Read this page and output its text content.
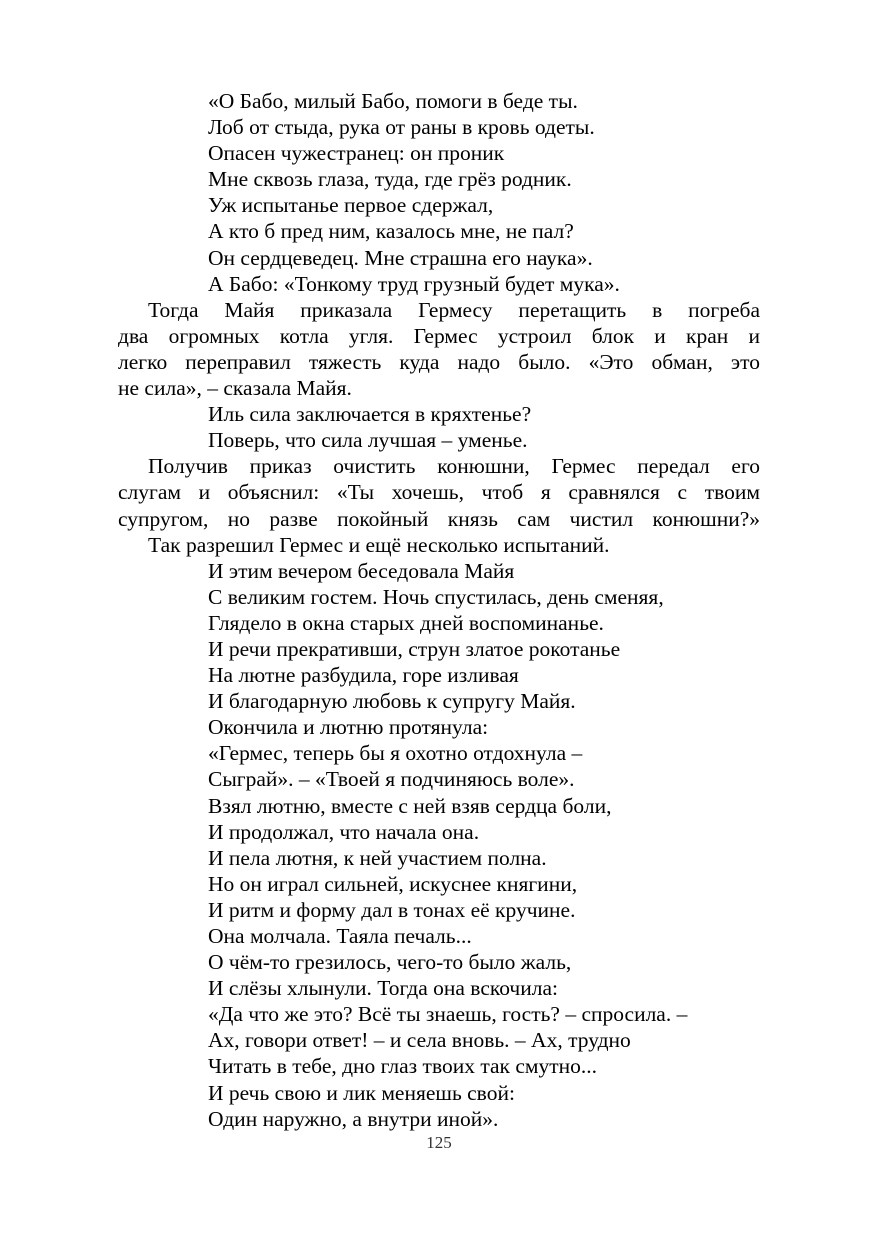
«О Бабо, милый Бабо, помоги в беде ты.
Лоб от стыда, рука от раны в кровь одеты.
Опасен чужестранец: он проник
Мне сквозь глаза, туда, где грёз родник.
Уж испытанье первое сдержал,
А кто б пред ним, казалось мне, не пал?
Он сердцеведец. Мне страшна его наука».
А Бабо: «Тонкому труд грузный будет мука».
Тогда Майя приказала Гермесу перетащить в погреба
два огромных котла угля. Гермес устроил блок и кран и
легко переправил тяжесть куда надо было. «Это обман, это
не сила», – сказала Майя.
Иль сила заключается в кряхтенье?
Поверь, что сила лучшая – уменье.
Получив приказ очистить конюшни, Гермес передал его
слугам и объяснил: «Ты хочешь, чтоб я сравнялся с твоим
супругом, но разве покойный князь сам чистил конюшни?»
Так разрешил Гермес и ещё несколько испытаний.
И этим вечером беседовала Майя
С великим гостем. Ночь спустилась, день сменяя,
Глядело в окна старых дней воспоминанье.
И речи прекративши, струн златое рокотанье
На лютне разбудила, горе изливая
И благодарную любовь к супругу Майя.
Окончила и лютню протянула:
«Гермес, теперь бы я охотно отдохнула –
Сыграй». – «Твоей я подчиняюсь воле».
Взял лютню, вместе с ней взяв сердца боли,
И продолжал, что начала она.
И пела лютня, к ней участием полна.
Но он играл сильней, искуснее княгини,
И ритм и форму дал в тонах её кручине.
Она молчала. Таяла печаль...
О чём-то грезилось, чего-то было жаль,
И слёзы хлынули. Тогда она вскочила:
«Да что же это? Всё ты знаешь, гость? – спросила. –
Ах, говори ответ! – и села вновь. – Ах, трудно
Читать в тебе, дно глаз твоих так смутно...
И речь свою и лик меняешь свой:
Один наружно, а внутри иной».
125
